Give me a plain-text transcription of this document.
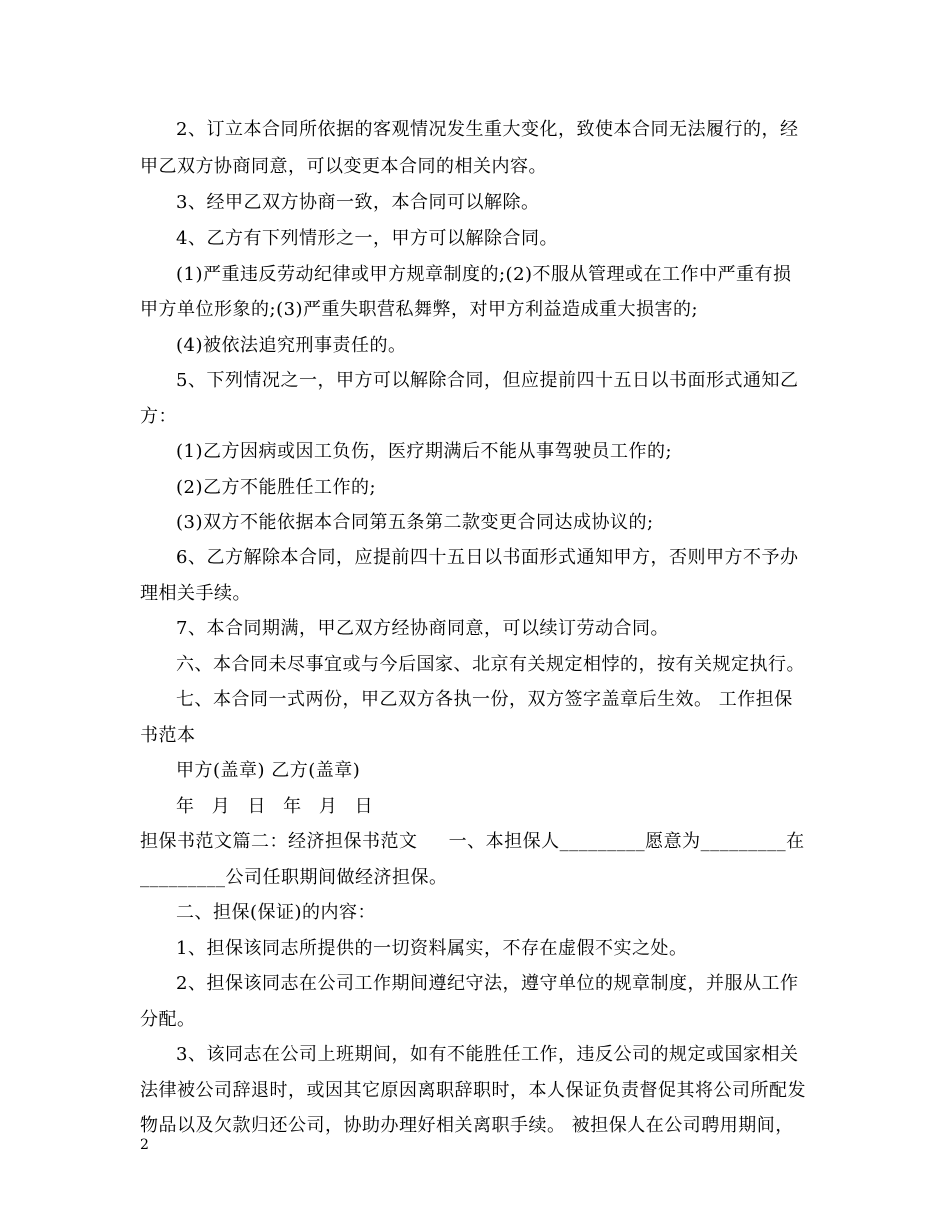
2、订立本合同所依据的客观情况发生重大变化，致使本合同无法履行的，经
甲乙双方协商同意，可以变更本合同的相关内容。
3、经甲乙双方协商一致，本合同可以解除。
4、乙方有下列情形之一，甲方可以解除合同。
(1)严重违反劳动纪律或甲方规章制度的;(2)不服从管理或在工作中严重有损
甲方单位形象的;(3)严重失职营私舞弊，对甲方利益造成重大损害的;
(4)被依法追究刑事责任的。
5、下列情况之一，甲方可以解除合同，但应提前四十五日以书面形式通知乙
方：
(1)乙方因病或因工负伤，医疗期满后不能从事驾驶员工作的;
(2)乙方不能胜任工作的;
(3)双方不能依据本合同第五条第二款变更合同达成协议的;
6、乙方解除本合同，应提前四十五日以书面形式通知甲方，否则甲方不予办
理相关手续。
7、本合同期满，甲乙双方经协商同意，可以续订劳动合同。
六、本合同未尽事宜或与今后国家、北京有关规定相悖的，按有关规定执行。
七、本合同一式两份，甲乙双方各执一份，双方签字盖章后生效。 工作担保
书范本
甲方(盖章) 乙方(盖章)
年 月 日 年 月 日
担保书范文篇二：经济担保书范文     一、本担保人_________愿意为_________在
_________公司任职期间做经济担保。
二、担保(保证)的内容：
1、担保该同志所提供的一切资料属实，不存在虚假不实之处。
2、担保该同志在公司工作期间遵纪守法，遵守单位的规章制度，并服从工作
分配。
3、该同志在公司上班期间，如有不能胜任工作，违反公司的规定或国家相关
法律被公司辞退时，或因其它原因离职辞职时，本人保证负责督促其将公司所配发
物品以及欠款归还公司，协助办理好相关离职手续。 被担保人在公司聘用期间，
2
